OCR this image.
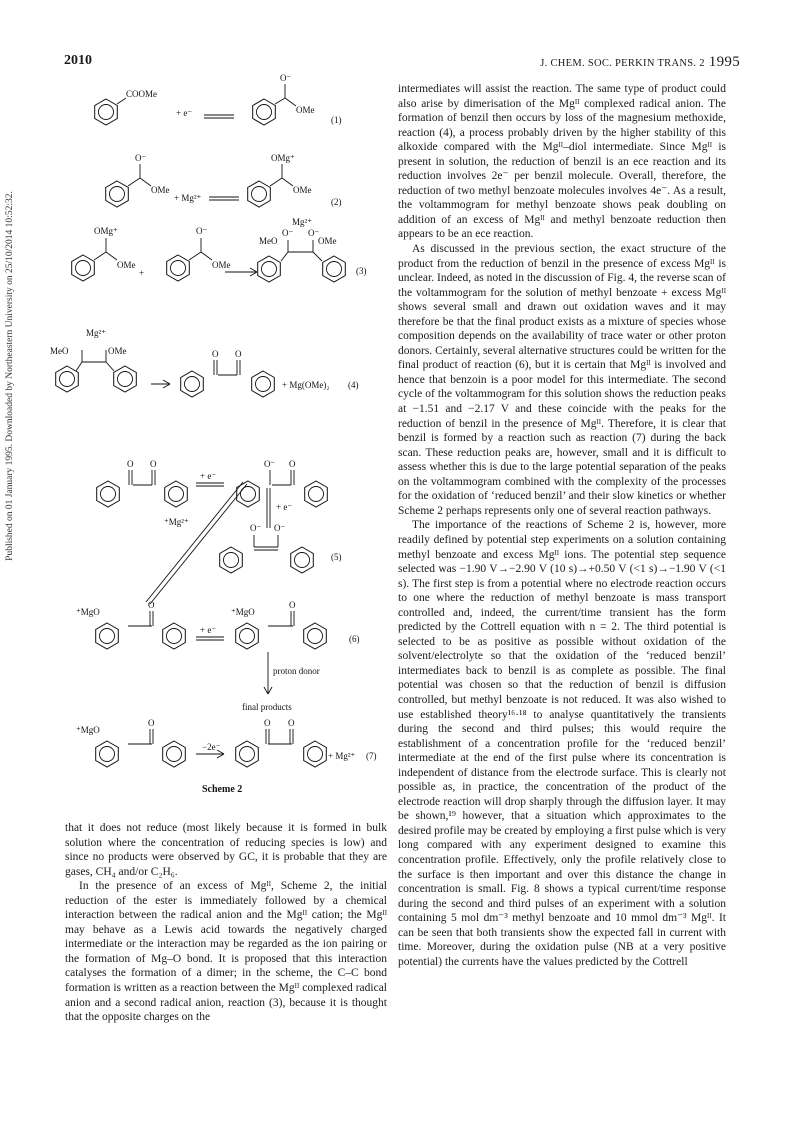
2010	J. CHEM. SOC. PERKIN TRANS. 2 1995
Published on 01 January 1995. Downloaded by Northeastern University on 25/10/2014 10:52:32.
COOMe
+ e⁻
O⁻
OMe
(1)
O⁻
OMe
+ Mg²⁺
OMg⁺
OMe
(2)
OMg⁺
OMe
+
O⁻
OMe
Mg²⁺
MeO
O⁻ O⁻
OMe
(3)
Mg²⁺
MeO	OMe	O O
+ Mg(OMe)₂ (4)
O O
+ e⁻
O⁻ O
+ e⁻
⁺Mg²⁺
O⁻ O⁻
(5)
⁺MgO
O
+ e⁻
⁺MgO
O
(6)
proton donor
final products
⁺MgO
O
−2e⁻
O O
+ Mg²⁺ (7)
Scheme 2

that it does not reduce (most likely because it is formed in bulk solution where the concentration of reducing species is low) and since no products were observed by GC, it is probable that they are gases, CH₄ and/or C₂H₆.

In the presence of an excess of Mgᴵᴵ, Scheme 2, the initial reduction of the ester is immediately followed by a chemical interaction between the radical anion and the Mgᴵᴵ cation; the Mgᴵᴵ may behave as a Lewis acid towards the negatively charged intermediate or the interaction may be regarded as the ion pairing or the formation of Mg–O bond. It is proposed that this interaction catalyses the formation of a dimer; in the scheme, the C–C bond formation is written as a reaction between the Mgᴵᴵ complexed radical anion and a second radical anion, reaction (3), because it is thought that the opposite charges on the

intermediates will assist the reaction. The same type of product could also arise by dimerisation of the Mgᴵᴵ complexed radical anion. The formation of benzil then occurs by loss of the magnesium methoxide, reaction (4), a process probably driven by the higher stability of this alkoxide compared with the Mgᴵᴵ–diol intermediate. Since Mgᴵᴵ is present in solution, the reduction of benzil is an ece reaction and its reduction involves 2e⁻ per benzil molecule. Overall, therefore, the reduction of two methyl benzoate molecules involves 4e⁻. As a result, the voltammogram for methyl benzoate shows peak doubling on addition of an excess of Mgᴵᴵ and methyl benzoate reduction then appears to be an ece reaction.

As discussed in the previous section, the exact structure of the product from the reduction of benzil in the presence of excess Mgᴵᴵ is unclear. Indeed, as noted in the discussion of Fig. 4, the reverse scan of the voltammogram for the solution of methyl benzoate + excess Mgᴵᴵ shows several small and drawn out oxidation waves and it may therefore be that the final product exists as a mixture of species whose composition depends on the availability of trace water or other proton donors. Certainly, several alternative structures could be written for the final product of reaction (6), but it is certain that Mgᴵᴵ is involved and hence that benzoin is a poor model for this intermediate. The second cycle of the voltammogram for this solution shows the reduction peaks at −1.51 and −2.17 V and these coincide with the peaks for the reduction of benzil in the presence of Mgᴵᴵ. Therefore, it is clear that benzil is formed by a reaction such as reaction (7) during the back scan. These reduction peaks are, however, small and it is difficult to assess whether this is due to the large potential separation of the peaks on the voltammogram combined with the complexity of the processes for the oxidation of ‘reduced benzil’ and their slow kinetics or whether Scheme 2 perhaps represents only one of several reaction pathways.

The importance of the reactions of Scheme 2 is, however, more readily defined by potential step experiments on a solution containing methyl benzoate and excess Mgᴵᴵ ions. The potential step sequence selected was −1.90 V→−2.90 V (10 s)→+0.50 V (<1 s)→−1.90 V (<1 s). The first step is from a potential where no electrode reaction occurs to one where the reduction of methyl benzoate is mass transport controlled and, indeed, the current/time transient has the form predicted by the Cottrell equation with n = 2. The third potential is selected to be as positive as possible without oxidation of the solvent/electrolyte so that the oxidation of the ‘reduced benzil’ intermediates back to benzil is as complete as possible. The final potential was chosen so that the reduction of benzil is diffusion controlled, but methyl benzoate is not reduced. It was also wished to use established theory¹⁶·¹⁸ to analyse quantitatively the transients during the second and third pulses; this would require the establishment of a concentration profile for the ‘reduced benzil’ intermediate at the end of the first pulse where its concentration is independent of distance from the electrode surface. This is clearly not possible as, in practice, the concentration of the product of the electrode reaction will drop sharply through the diffusion layer. It may be shown,¹⁹ however, that a situation which approximates to the desired profile may be created by employing a first pulse which is very long compared with any experiment designed to examine this concentration profile. Effectively, only the profile relatively close to the surface is then important and over this distance the change in concentration is small. Fig. 8 shows a typical current/time response during the second and third pulses of an experiment with a solution containing 5 mol dm⁻³ methyl benzoate and 10 mmol dm⁻³ Mgᴵᴵ. It can be seen that both transients show the expected fall in current with time. Moreover, during the oxidation pulse (NB at a very positive potential) the currents have the values predicted by the Cottrell
